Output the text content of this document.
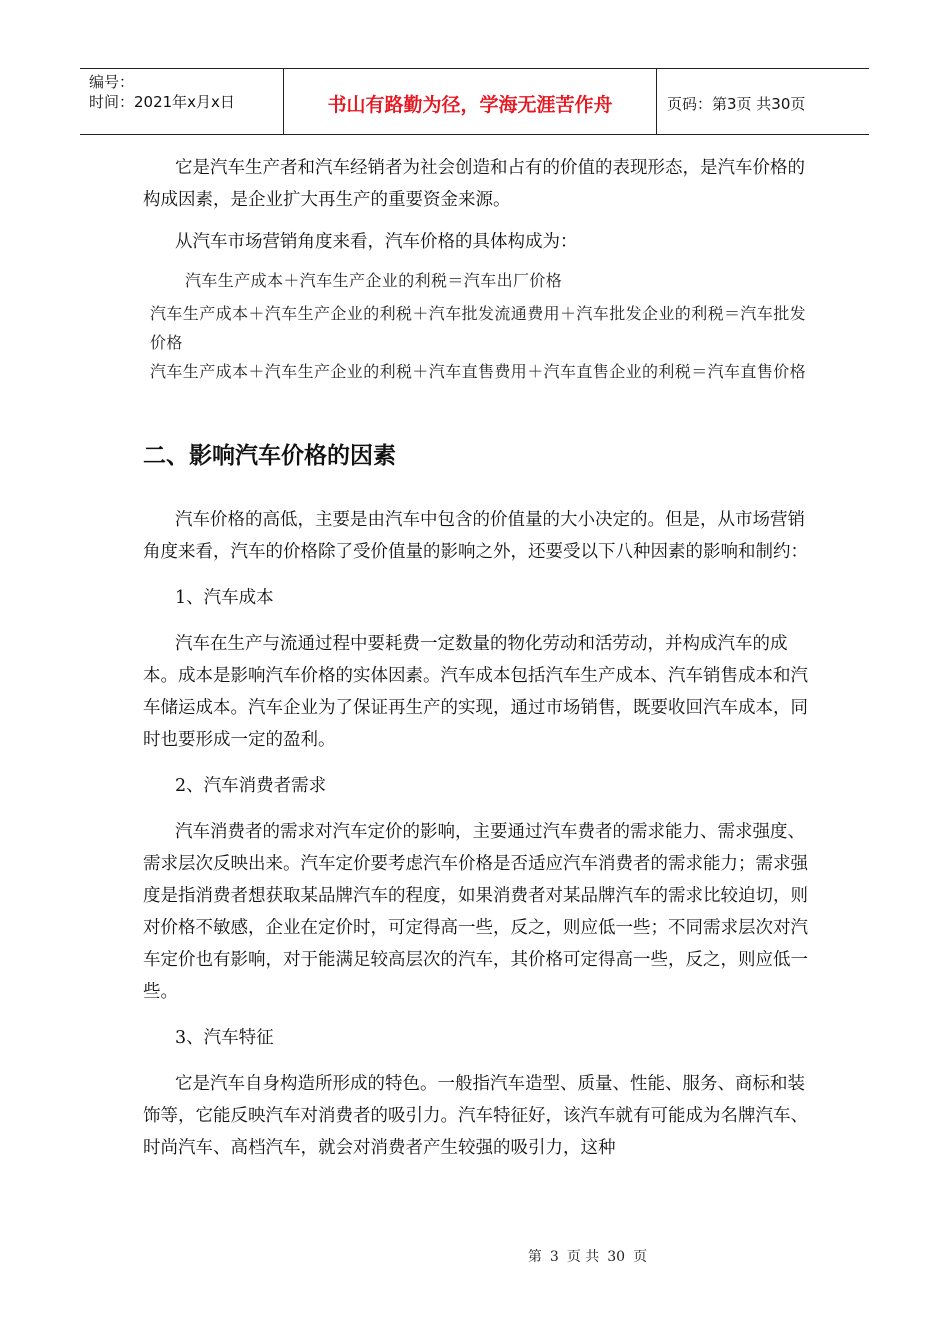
编号：
时间：2021年x月x日	书山有路勤为径，学海无涯苦作舟	页码：第3页 共30页

它是汽车生产者和汽车经销者为社会创造和占有的价值的表现形态，是汽车价格的构成因素，是企业扩大再生产的重要资金来源。

从汽车市场营销角度来看，汽车价格的具体构成为：

汽车生产成本＋汽车生产企业的利税＝汽车出厂价格
汽车生产成本＋汽车生产企业的利税＋汽车批发流通费用＋汽车批发企业的利税＝汽车批发价格
汽车生产成本＋汽车生产企业的利税＋汽车直售费用＋汽车直售企业的利税＝汽车直售价格
二、影响汽车价格的因素

汽车价格的高低，主要是由汽车中包含的价值量的大小决定的。但是，从市场营销角度来看，汽车的价格除了受价值量的影响之外，还要受以下八种因素的影响和制约：

1、汽车成本

汽车在生产与流通过程中要耗费一定数量的物化劳动和活劳动，并构成汽车的成本。成本是影响汽车价格的实体因素。汽车成本包括汽车生产成本、汽车销售成本和汽车储运成本。汽车企业为了保证再生产的实现，通过市场销售，既要收回汽车成本，同时也要形成一定的盈利。

2、汽车消费者需求

汽车消费者的需求对汽车定价的影响，主要通过汽车费者的需求能力、需求强度、需求层次反映出来。汽车定价要考虑汽车价格是否适应汽车消费者的需求能力；需求强度是指消费者想获取某品牌汽车的程度，如果消费者对某品牌汽车的需求比较迫切，则对价格不敏感，企业在定价时，可定得高一些，反之，则应低一些；不同需求层次对汽车定价也有影响，对于能满足较高层次的汽车，其价格可定得高一些，反之，则应低一些。

3、汽车特征

它是汽车自身构造所形成的特色。一般指汽车造型、质量、性能、服务、商标和装饰等，它能反映汽车对消费者的吸引力。汽车特征好，该汽车就有可能成为名牌汽车、时尚汽车、高档汽车，就会对消费者产生较强的吸引力，这种

第 3 页 共 30 页
